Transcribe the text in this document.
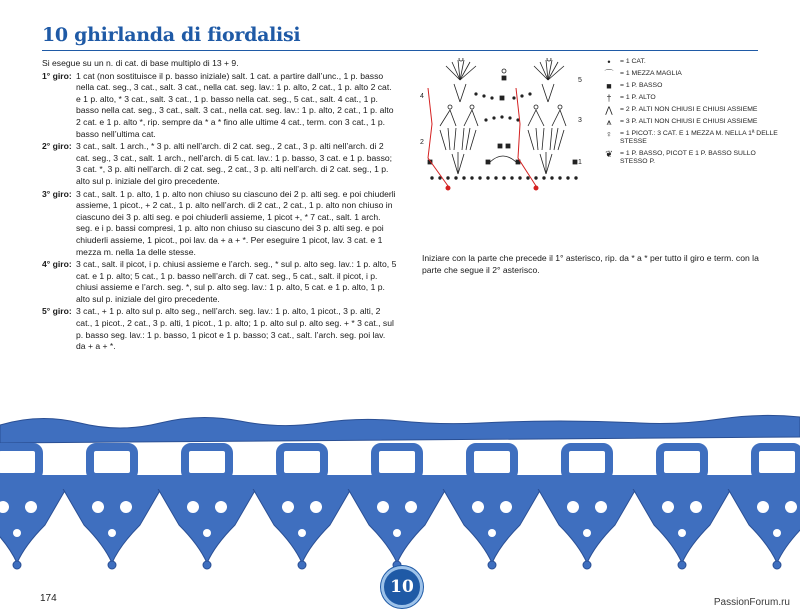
10 ghirlanda di fiordalisi

Si esegue su un n. di cat. di base multiplo di 13 + 9.

1° giro: 1 cat (non sostituisce il p. basso iniziale) salt. 1 cat. a partire dall’unc., 1 p. basso nella cat. seg., 3 cat., salt. 3 cat., nella cat. seg. lav.: 1 p. alto, 2 cat., 1 p. alto 2 cat. e 1 p. alto, * 3 cat., salt. 3 cat., 1 p. basso nella cat. seg., 5 cat., salt. 4 cat., 1 p. basso nella cat. seg., 3 cat., salt. 3 cat., nella cat. seg. lav.: 1 p. alto, 2 cat., 1 p. alto 2 cat. e 1 p. alto *, rip. sempre da * a * fino alle ultime 4 cat., term. con 3 cat., 1 p. basso nell’ultima cat.
2° giro: 3 cat., salt. 1 arch., * 3 p. alti nell’arch. di 2 cat. seg., 2 cat., 3 p. alti nell’arch. di 2 cat. seg., 3 cat., salt. 1 arch., nell’arch. di 5 cat. lav.: 1 p. basso, 3 cat. e 1 p. basso; 3 cat. *, 3 p. alti nell’arch. di 2 cat. seg., 2 cat., 3 p. alti nell’arch. di 2 cat. seg., 1 p. alto sul p. iniziale del giro precedente.
3° giro: 3 cat., salt. 1 p. alto, 1 p. alto non chiuso su ciascuno dei 2 p. alti seg. e poi chiuderli assieme, 1 picot., + 2 cat., 1 p. alto nell’arch. di 2 cat., 2 cat., 1 p. alto non chiuso in ciascuno dei 3 p. alti seg. e poi chiuderli assieme, 1 picot +, * 7 cat., salt. 1 arch. seg. e i p. bassi compresi, 1 p. alto non chiuso su ciascuno dei 3 p. alti seg. e poi chiuderli assieme, 1 picot., poi lav. da + a + *. Per eseguire 1 picot, lav. 3 cat. e 1 mezza m. nella 1a delle stesse.
4° giro: 3 cat., salt. il picot, i p. chiusi assieme e l’arch. seg., * sul p. alto seg. lav.: 1 p. alto, 5 cat. e 1 p. alto; 5 cat., 1 p. basso nell’arch. di 7 cat. seg., 5 cat., salt. il picot, i p. chiusi assieme e l’arch. seg. *, sul p. alto seg. lav.: 1 p. alto, 5 cat. e 1 p. alto, 1 p. alto sul p. iniziale del giro precedente.
5° giro: 3 cat., + 1 p. alto sul p. alto seg., nell’arch. seg. lav.: 1 p. alto, 1 picot., 3 p. alti, 2 cat., 1 picot., 2 cat., 3 p. alti, 1 picot., 1 p. alto; 1 p. alto sul p. alto seg. + * 3 cat., sul p. basso seg. lav.: 1 p. basso, 1 picot e 1 p. basso; 3 cat., salt. l’arch. seg. poi lav. da + a + *.
5
4
3
2
1
•	= 1 CAT.
⌒ = 1 MEZZA MAGLIA
■	= 1 P. BASSO
†	= 1 P. ALTO
⋀	= 2 P. ALTI NON CHIUSI E CHIUSI ASSIEME
⩚	= 3 P. ALTI NON CHIUSI E CHIUSI ASSIEME
♀	= 1 PICOT.: 3 CAT. E 1 MEZZA M. NELLA 1ª DELLE STESSE
❦	= 1 P. BASSO, PICOT E 1 P. BASSO SULLO STESSO P.
Iniziare con la parte che precede il 1° asterisco, rip. da * a * per tutto il giro e term. con la parte che segue il 2° asterisco.
174
10
PassionForum.ru
